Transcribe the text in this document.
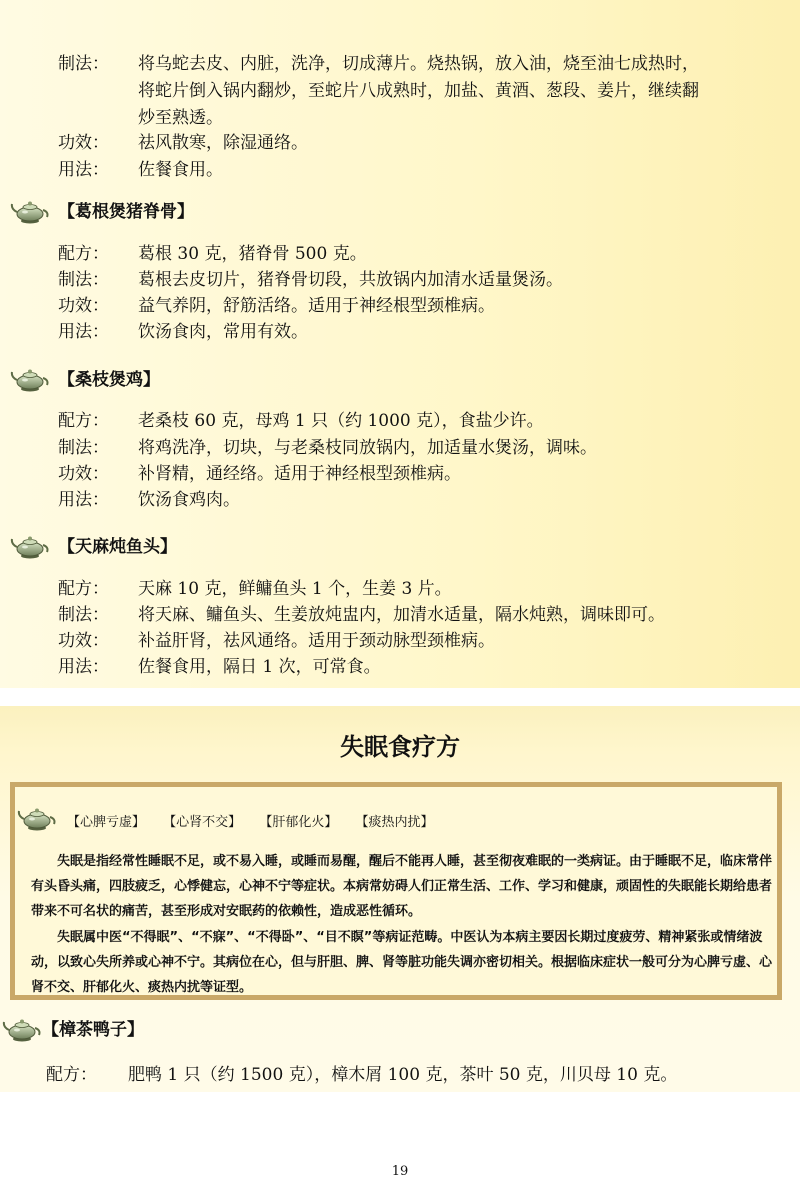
制法： 将乌蛇去皮、内脏，洗净，切成薄片。烧热锅，放入油，烧至油七成热时，
将蛇片倒入锅内翻炒，至蛇片八成熟时，加盐、黄酒、葱段、姜片，继续翻
炒至熟透。
功效： 祛风散寒，除湿通络。
用法： 佐餐食用。
【葛根煲猪脊骨】
配方： 葛根 30 克，猪脊骨 500 克。
制法： 葛根去皮切片，猪脊骨切段，共放锅内加清水适量煲汤。
功效： 益气养阴，舒筋活络。适用于神经根型颈椎病。
用法： 饮汤食肉，常用有效。
【桑枝煲鸡】
配方： 老桑枝 60 克，母鸡 1 只（约 1000 克），食盐少许。
制法： 将鸡洗净，切块，与老桑枝同放锅内，加适量水煲汤，调味。
功效： 补肾精，通经络。适用于神经根型颈椎病。
用法： 饮汤食鸡肉。
【天麻炖鱼头】
配方： 天麻 10 克，鲜鳙鱼头 1 个，生姜 3 片。
制法： 将天麻、鳙鱼头、生姜放炖盅内，加清水适量，隔水炖熟，调味即可。
功效： 补益肝肾，祛风通络。适用于颈动脉型颈椎病。
用法： 佐餐食用，隔日 1 次，可常食。
失眠食疗方
【心脾亏虚】 【心肾不交】 【肝郁化火】 【痰热内扰】
失眠是指经常性睡眠不足，或不易入睡，或睡而易醒，醒后不能再人睡，甚至彻夜难眠的一类病证。由于睡眠不足，临床常伴有头昏头痛，四肢疲乏，心悸健忘，心神不宁等症状。本病常妨碍人们正常生活、工作、学习和健康，顽固性的失眠能长期给患者带来不可名状的痛苦，甚至形成对安眠药的依赖性，造成恶性循环。
失眠属中医“不得眠”、“不寐”、“不得卧”、“目不瞑”等病证范畴。中医认为本病主要因长期过度疲劳、精神紧张或情绪波动，以致心失所养或心神不宁。其病位在心，但与肝胆、脾、肾等脏功能失调亦密切相关。根据临床症状一般可分为心脾亏虚、心肾不交、肝郁化火、痰热内扰等证型。
【樟茶鸭子】
配方： 肥鸭 1 只（约 1500 克），樟木屑 100 克，茶叶 50 克，川贝母 10 克。
19
